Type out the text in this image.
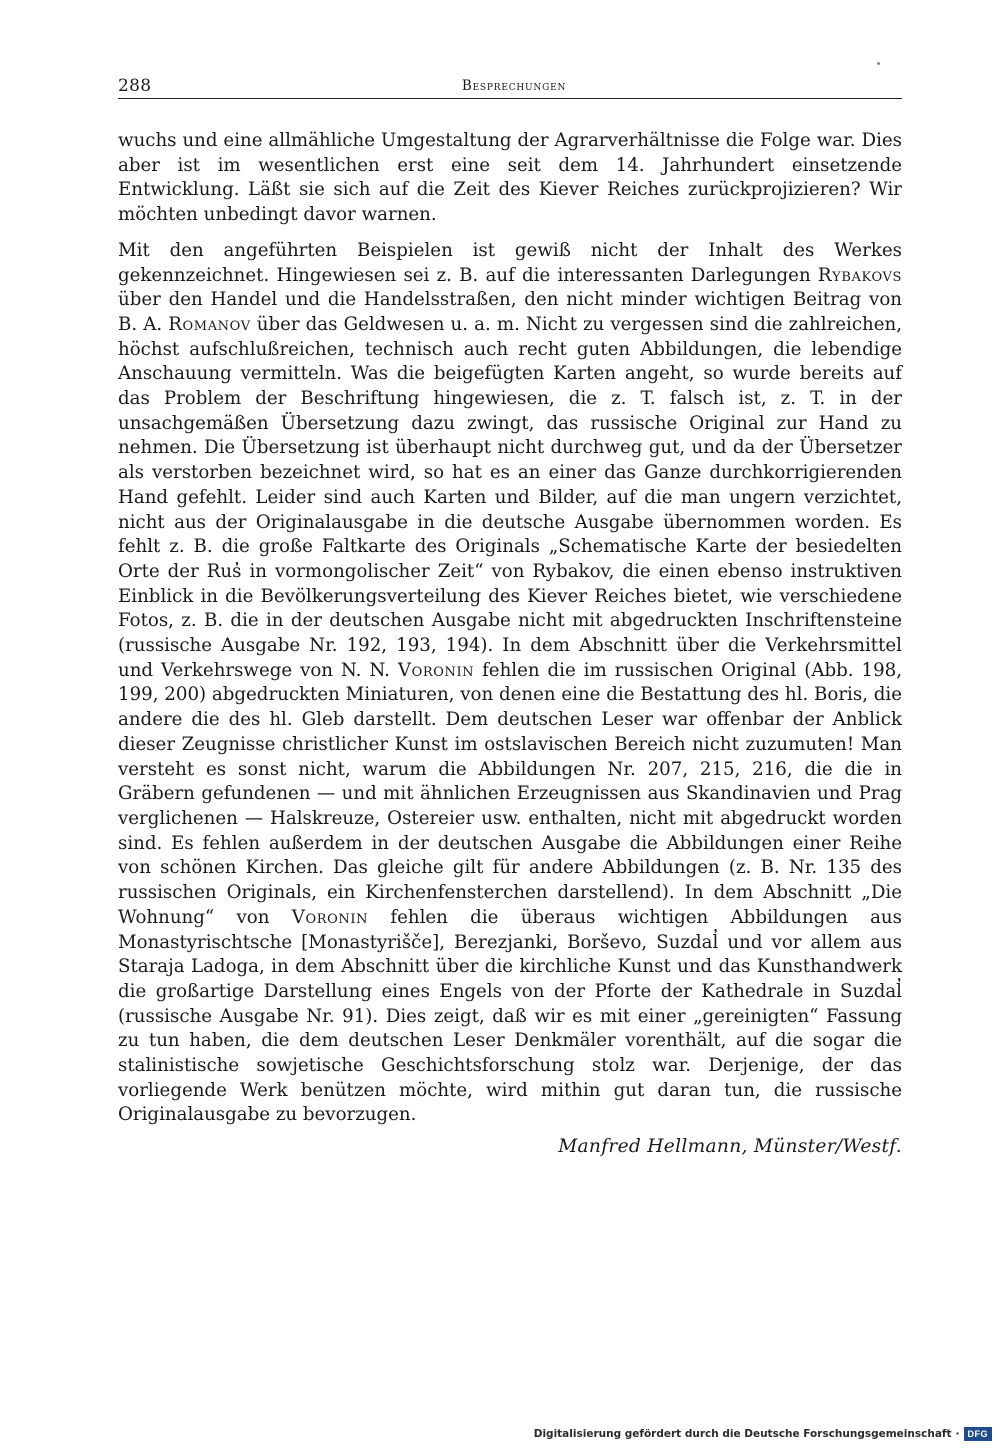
288	Besprechungen

wuchs und eine allmähliche Umgestaltung der Agrarverhältnisse die Folge war. Dies aber ist im wesentlichen erst eine seit dem 14. Jahrhundert einsetzende Entwicklung. Läßt sie sich auf die Zeit des Kiever Reiches zurückprojizieren? Wir möchten unbedingt davor warnen.

Mit den angeführten Beispielen ist gewiß nicht der Inhalt des Werkes gekennzeichnet. Hingewiesen sei z. B. auf die interessanten Darlegungen Rybakovs über den Handel und die Handelsstraßen, den nicht minder wichtigen Beitrag von B. A. Romanov über das Geldwesen u. a. m. Nicht zu vergessen sind die zahlreichen, höchst aufschlußreichen, technisch auch recht guten Abbildungen, die lebendige Anschauung vermitteln. Was die beigefügten Karten angeht, so wurde bereits auf das Problem der Beschriftung hingewiesen, die z. T. falsch ist, z. T. in der unsachgemäßen Übersetzung dazu zwingt, das russische Original zur Hand zu nehmen. Die Übersetzung ist überhaupt nicht durchweg gut, und da der Übersetzer als verstorben bezeichnet wird, so hat es an einer das Ganze durchkorrigierenden Hand gefehlt. Leider sind auch Karten und Bilder, auf die man ungern verzichtet, nicht aus der Originalausgabe in die deutsche Ausgabe übernommen worden. Es fehlt z. B. die große Faltkarte des Originals „Schematische Karte der besiedelten Orte der Rus̓ in vormongolischer Zeit“ von Rybakov, die einen ebenso instruktiven Einblick in die Bevölkerungsverteilung des Kiever Reiches bietet, wie verschiedene Fotos, z. B. die in der deutschen Ausgabe nicht mit abgedruckten Inschriftensteine (russische Ausgabe Nr. 192, 193, 194). In dem Abschnitt über die Verkehrsmittel und Verkehrswege von N. N. Voronin fehlen die im russischen Original (Abb. 198, 199, 200) abgedruckten Miniaturen, von denen eine die Bestattung des hl. Boris, die andere die des hl. Gleb darstellt. Dem deutschen Leser war offenbar der Anblick dieser Zeugnisse christlicher Kunst im ostslavischen Bereich nicht zuzumuten! Man versteht es sonst nicht, warum die Abbildungen Nr. 207, 215, 216, die die in Gräbern gefundenen — und mit ähnlichen Erzeugnissen aus Skandinavien und Prag verglichenen — Halskreuze, Ostereier usw. enthalten, nicht mit abgedruckt worden sind. Es fehlen außerdem in der deutschen Ausgabe die Abbildungen einer Reihe von schönen Kirchen. Das gleiche gilt für andere Abbildungen (z. B. Nr. 135 des russischen Originals, ein Kirchenfensterchen darstellend). In dem Abschnitt „Die Wohnung“ von Voronin fehlen die überaus wichtigen Abbildungen aus Monastyrischtsche [Monastyrišče], Berezjanki, Borševo, Suzdal̓ und vor allem aus Staraja Ladoga, in dem Abschnitt über die kirchliche Kunst und das Kunsthandwerk die großartige Darstellung eines Engels von der Pforte der Kathedrale in Suzdal̓ (russische Ausgabe Nr. 91). Dies zeigt, daß wir es mit einer „gereinigten“ Fassung zu tun haben, die dem deutschen Leser Denkmäler vorenthält, auf die sogar die stalinistische sowjetische Geschichtsforschung stolz war. Derjenige, der das vorliegende Werk benützen möchte, wird mithin gut daran tun, die russische Originalausgabe zu bevorzugen.

Manfred Hellmann, Münster/Westf.

Digitalisierung gefördert durch die Deutsche Forschungsgemeinschaft · DFG
